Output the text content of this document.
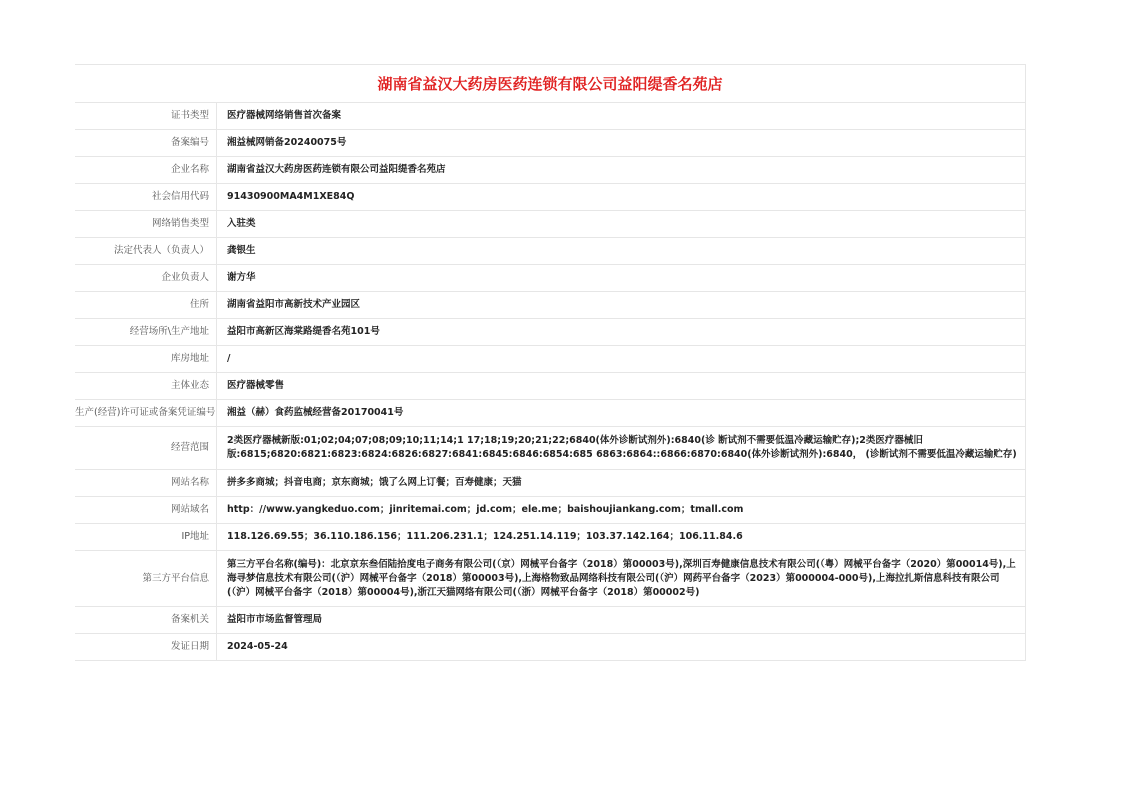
湖南省益汉大药房医药连锁有限公司益阳缇香名苑店
证书类型	医疗器械网络销售首次备案
备案编号	湘益械网销备20240075号
企业名称	湖南省益汉大药房医药连锁有限公司益阳缇香名苑店
社会信用代码	91430900MA4M1XE84Q
网络销售类型	入驻类
法定代表人（负责人）	龚银生
企业负责人	谢方华
住所	湖南省益阳市高新技术产业园区
经营场所\生产地址	益阳市高新区海棠路缇香名苑101号
库房地址	/
主体业态	医疗器械零售
生产(经营)许可证或备案凭证编号	湘益（赫）食药监械经营备20170041号
经营范围	2类医疗器械新版:01;02;04;07;08;09;10;11;14;1 17;18;19;20;21;22;6840(体外诊断试剂外):6840(诊 断试剂不需要低温冷藏运输贮存);2类医疗器械旧版:6815;6820:6821:6823:6824:6826:6827:6841:6845:6846:6854:685 6863:6864::6866:6870:6840(体外诊断试剂外):6840， (诊断试剂不需要低温冷藏运输贮存)
网站名称	拼多多商城；抖音电商；京东商城；饿了么网上订餐；百寿健康；天猫
网站域名	http：//www.yangkeduo.com；jinritemai.com；jd.com；ele.me；baishoujiankang.com；tmall.com
IP地址	118.126.69.55；36.110.186.156；111.206.231.1；124.251.14.119；103.37.142.164；106.11.84.6
第三方平台信息	第三方平台名称(编号)：北京京东叁佰陆拾度电子商务有限公司(（京）网械平台备字（2018）第00003号),深圳百寿健康信息技术有限公司(（粤）网械平台备字（2020）第00014号),上海寻梦信息技术有限公司(（沪）网械平台备字（2018）第00003号),上海格物致品网络科技有限公司(（沪）网药平台备字（2023）第000004-000号),上海拉扎斯信息科技有限公司(（沪）网械平台备字（2018）第00004号),浙江天猫网络有限公司(（浙）网械平台备字（2018）第00002号)
备案机关	益阳市市场监督管理局
发证日期	2024-05-24
